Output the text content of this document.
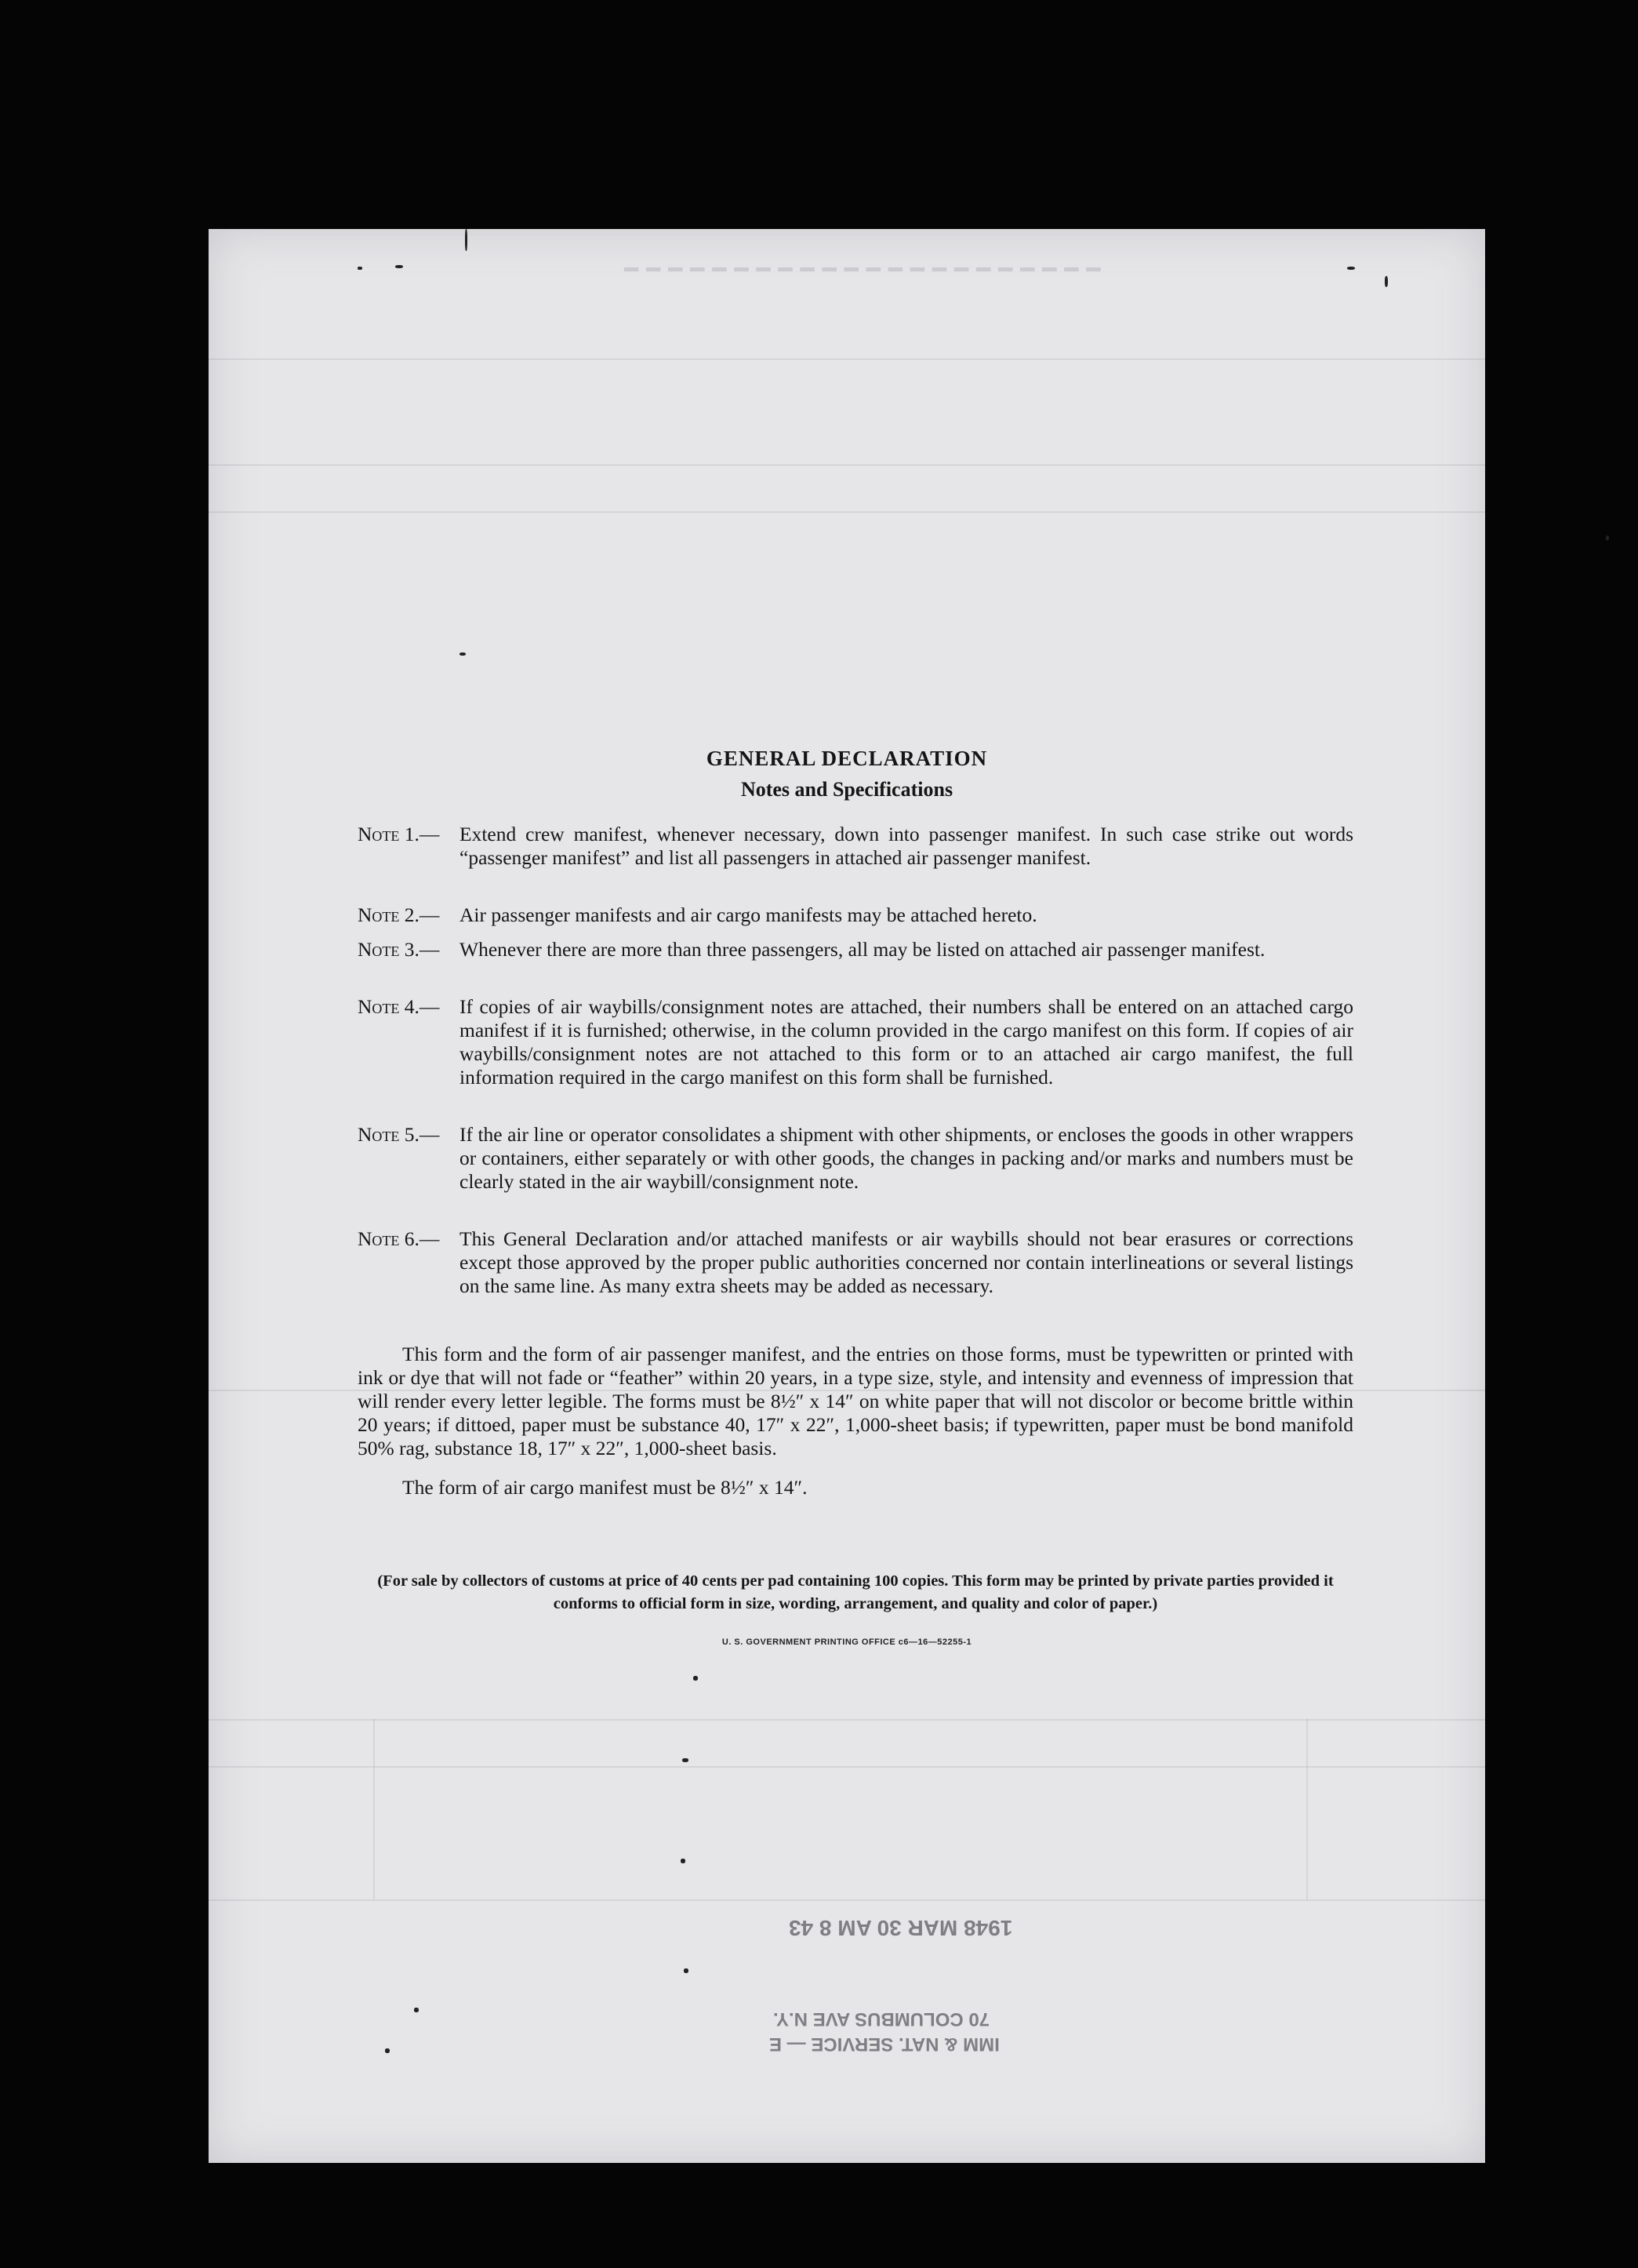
━━━━━━━━━━━━━━━━━━━━━━
GENERAL DECLARATION
Notes and Specifications
Note 1.—	Extend crew manifest, whenever necessary, down into passenger manifest. In such case strike out words “passenger manifest” and list all passengers in attached air passenger manifest.
Note 2.—	Air passenger manifests and air cargo manifests may be attached hereto.
Note 3.—	Whenever there are more than three passengers, all may be listed on attached air passenger manifest.
Note 4.—	If copies of air waybills/consignment notes are attached, their numbers shall be entered on an attached cargo manifest if it is furnished; otherwise, in the column provided in the cargo manifest on this form. If copies of air waybills/consignment notes are not attached to this form or to an attached air cargo manifest, the full information required in the cargo manifest on this form shall be furnished.
Note 5.—	If the air line or operator consolidates a shipment with other shipments, or encloses the goods in other wrappers or containers, either separately or with other goods, the changes in packing and/or marks and numbers must be clearly stated in the air waybill/consignment note.
Note 6.—	This General Declaration and/or attached manifests or air waybills should not bear erasures or corrections except those approved by the proper public authorities concerned nor contain interlineations or several listings on the same line. As many extra sheets may be added as necessary.
This form and the form of air passenger manifest, and the entries on those forms, must be typewritten or printed with ink or dye that will not fade or “feather” within 20 years, in a type size, style, and intensity and evenness of impression that will render every letter legible. The forms must be 8½″ x 14″ on white paper that will not discolor or become brittle within 20 years; if dittoed, paper must be substance 40, 17″ x 22″, 1,000-sheet basis; if typewritten, paper must be bond manifold 50% rag, substance 18, 17″ x 22″, 1,000-sheet basis.
The form of air cargo manifest must be 8½″ x 14″.
(For sale by collectors of customs at price of 40 cents per pad containing 100 copies. This form may be printed by private parties provided it conforms to official form in size, wording, arrangement, and quality and color of paper.)
U. S. GOVERNMENT PRINTING OFFICE c6—16—52255-1
1948 MAR 30 AM 8 43
70 COLUMBUS AVE N.Y.
IMM & NAT. SERVICE — E
